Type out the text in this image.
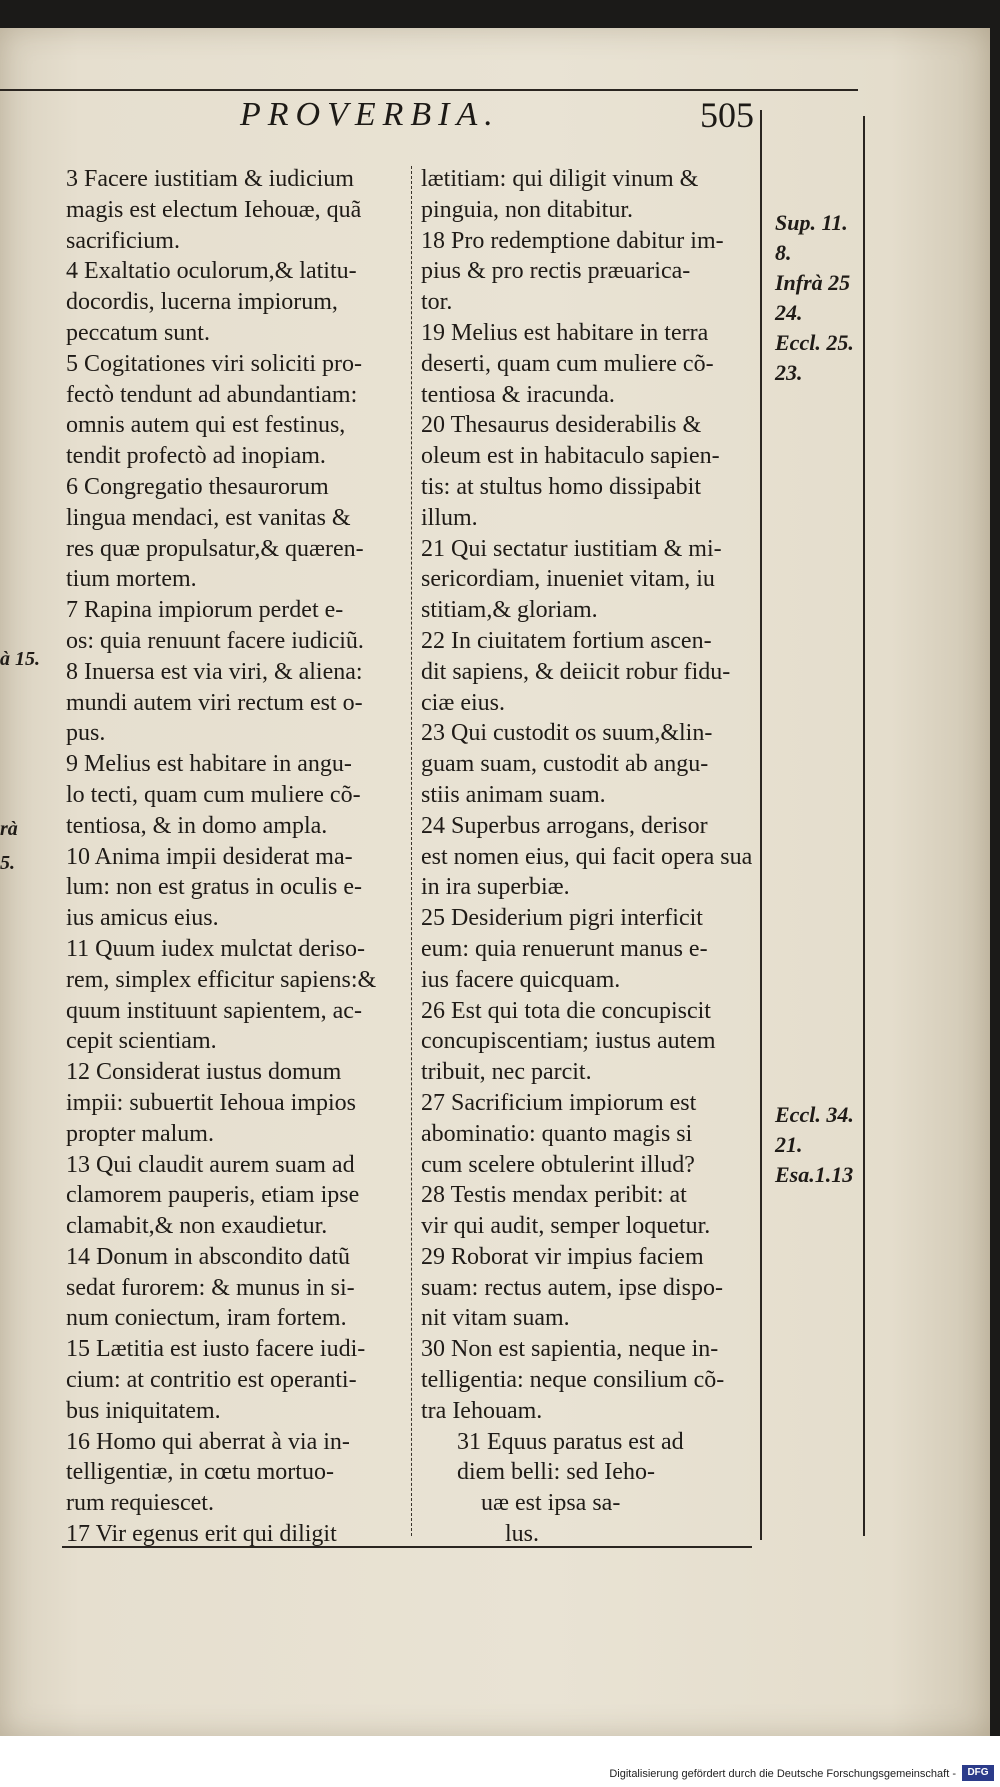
PROVERBIA.	505
3 Facere iustitiam & iudicium
magis est electum Iehouæ, quã
sacrificium.
4 Exaltatio oculorum,& latitu-
docordis, lucerna impiorum,
peccatum sunt.
5 Cogitationes viri soliciti pro-
fectò tendunt ad abundantiam:
omnis autem qui est festinus,
tendit profectò ad inopiam.
6 Congregatio thesaurorum
lingua mendaci, est vanitas &
res quæ propulsatur,& quæren-
tium mortem.
7 Rapina impiorum perdet e-
os: quia renuunt facere iudiciũ.
8 Inuersa est via viri, & aliena:
mundi autem viri rectum est o-
pus.
9 Melius est habitare in angu-
lo tecti, quam cum muliere cõ-
tentiosa, & in domo ampla.
10 Anima impii desiderat ma-
lum: non est gratus in oculis e-
ius amicus eius.
11 Quum iudex mulctat deriso-
rem, simplex efficitur sapiens:&
quum instituunt sapientem, ac-
cepit scientiam.
12 Considerat iustus domum
impii: subuertit Iehoua impios
propter malum.
13 Qui claudit aurem suam ad
clamorem pauperis, etiam ipse
clamabit,& non exaudietur.
14 Donum in abscondito datũ
sedat furorem: & munus in si-
num coniectum, iram fortem.
15 Lætitia est iusto facere iudi-
cium: at contritio est operanti-
bus iniquitatem.
16 Homo qui aberrat à via in-
telligentiæ, in cœtu mortuo-
rum requiescet.
17 Vir egenus erit qui diligit
lætitiam: qui diligit vinum &
pinguia, non ditabitur.
18 Pro redemptione dabitur im-
pius & pro rectis præuarica-
tor.
19 Melius est habitare in terra
deserti, quam cum muliere cõ-
tentiosa & iracunda.
20 Thesaurus desiderabilis &
oleum est in habitaculo sapien-
tis: at stultus homo dissipabit
illum.
21 Qui sectatur iustitiam & mi-
sericordiam, inueniet vitam, iu
stitiam,& gloriam.
22 In ciuitatem fortium ascen-
dit sapiens, & deiicit robur fidu-
ciæ eius.
23 Qui custodit os suum,&lin-
guam suam, custodit ab angu-
stiis animam suam.
24 Superbus arrogans, derisor
est nomen eius, qui facit opera sua
in ira superbiæ.
25 Desiderium pigri interficit
eum: quia renuerunt manus e-
ius facere quicquam.
26 Est qui tota die concupiscit
concupiscentiam; iustus autem
tribuit, nec parcit.
27 Sacrificium impiorum est
abominatio: quanto magis si
cum scelere obtulerint illud?
28 Testis mendax peribit: at
vir qui audit, semper loquetur.
29 Roborat vir impius faciem
suam: rectus autem, ipse dispo-
nit vitam suam.
30 Non est sapientia, neque in-
telligentia: neque consilium cõ-
tra Iehouam.
31 Equus paratus est ad
diem belli: sed Ieho-
uæ est ipsa sa-
lus.
Sup. 11.
8.
Infrà 25
24.
Eccl. 25.
23.
Eccl. 34.
21.
Esa.1.13
à 15.
rà
5.
Digitalisierung gefördert durch die Deutsche Forschungsgemeinschaft -	DFG
